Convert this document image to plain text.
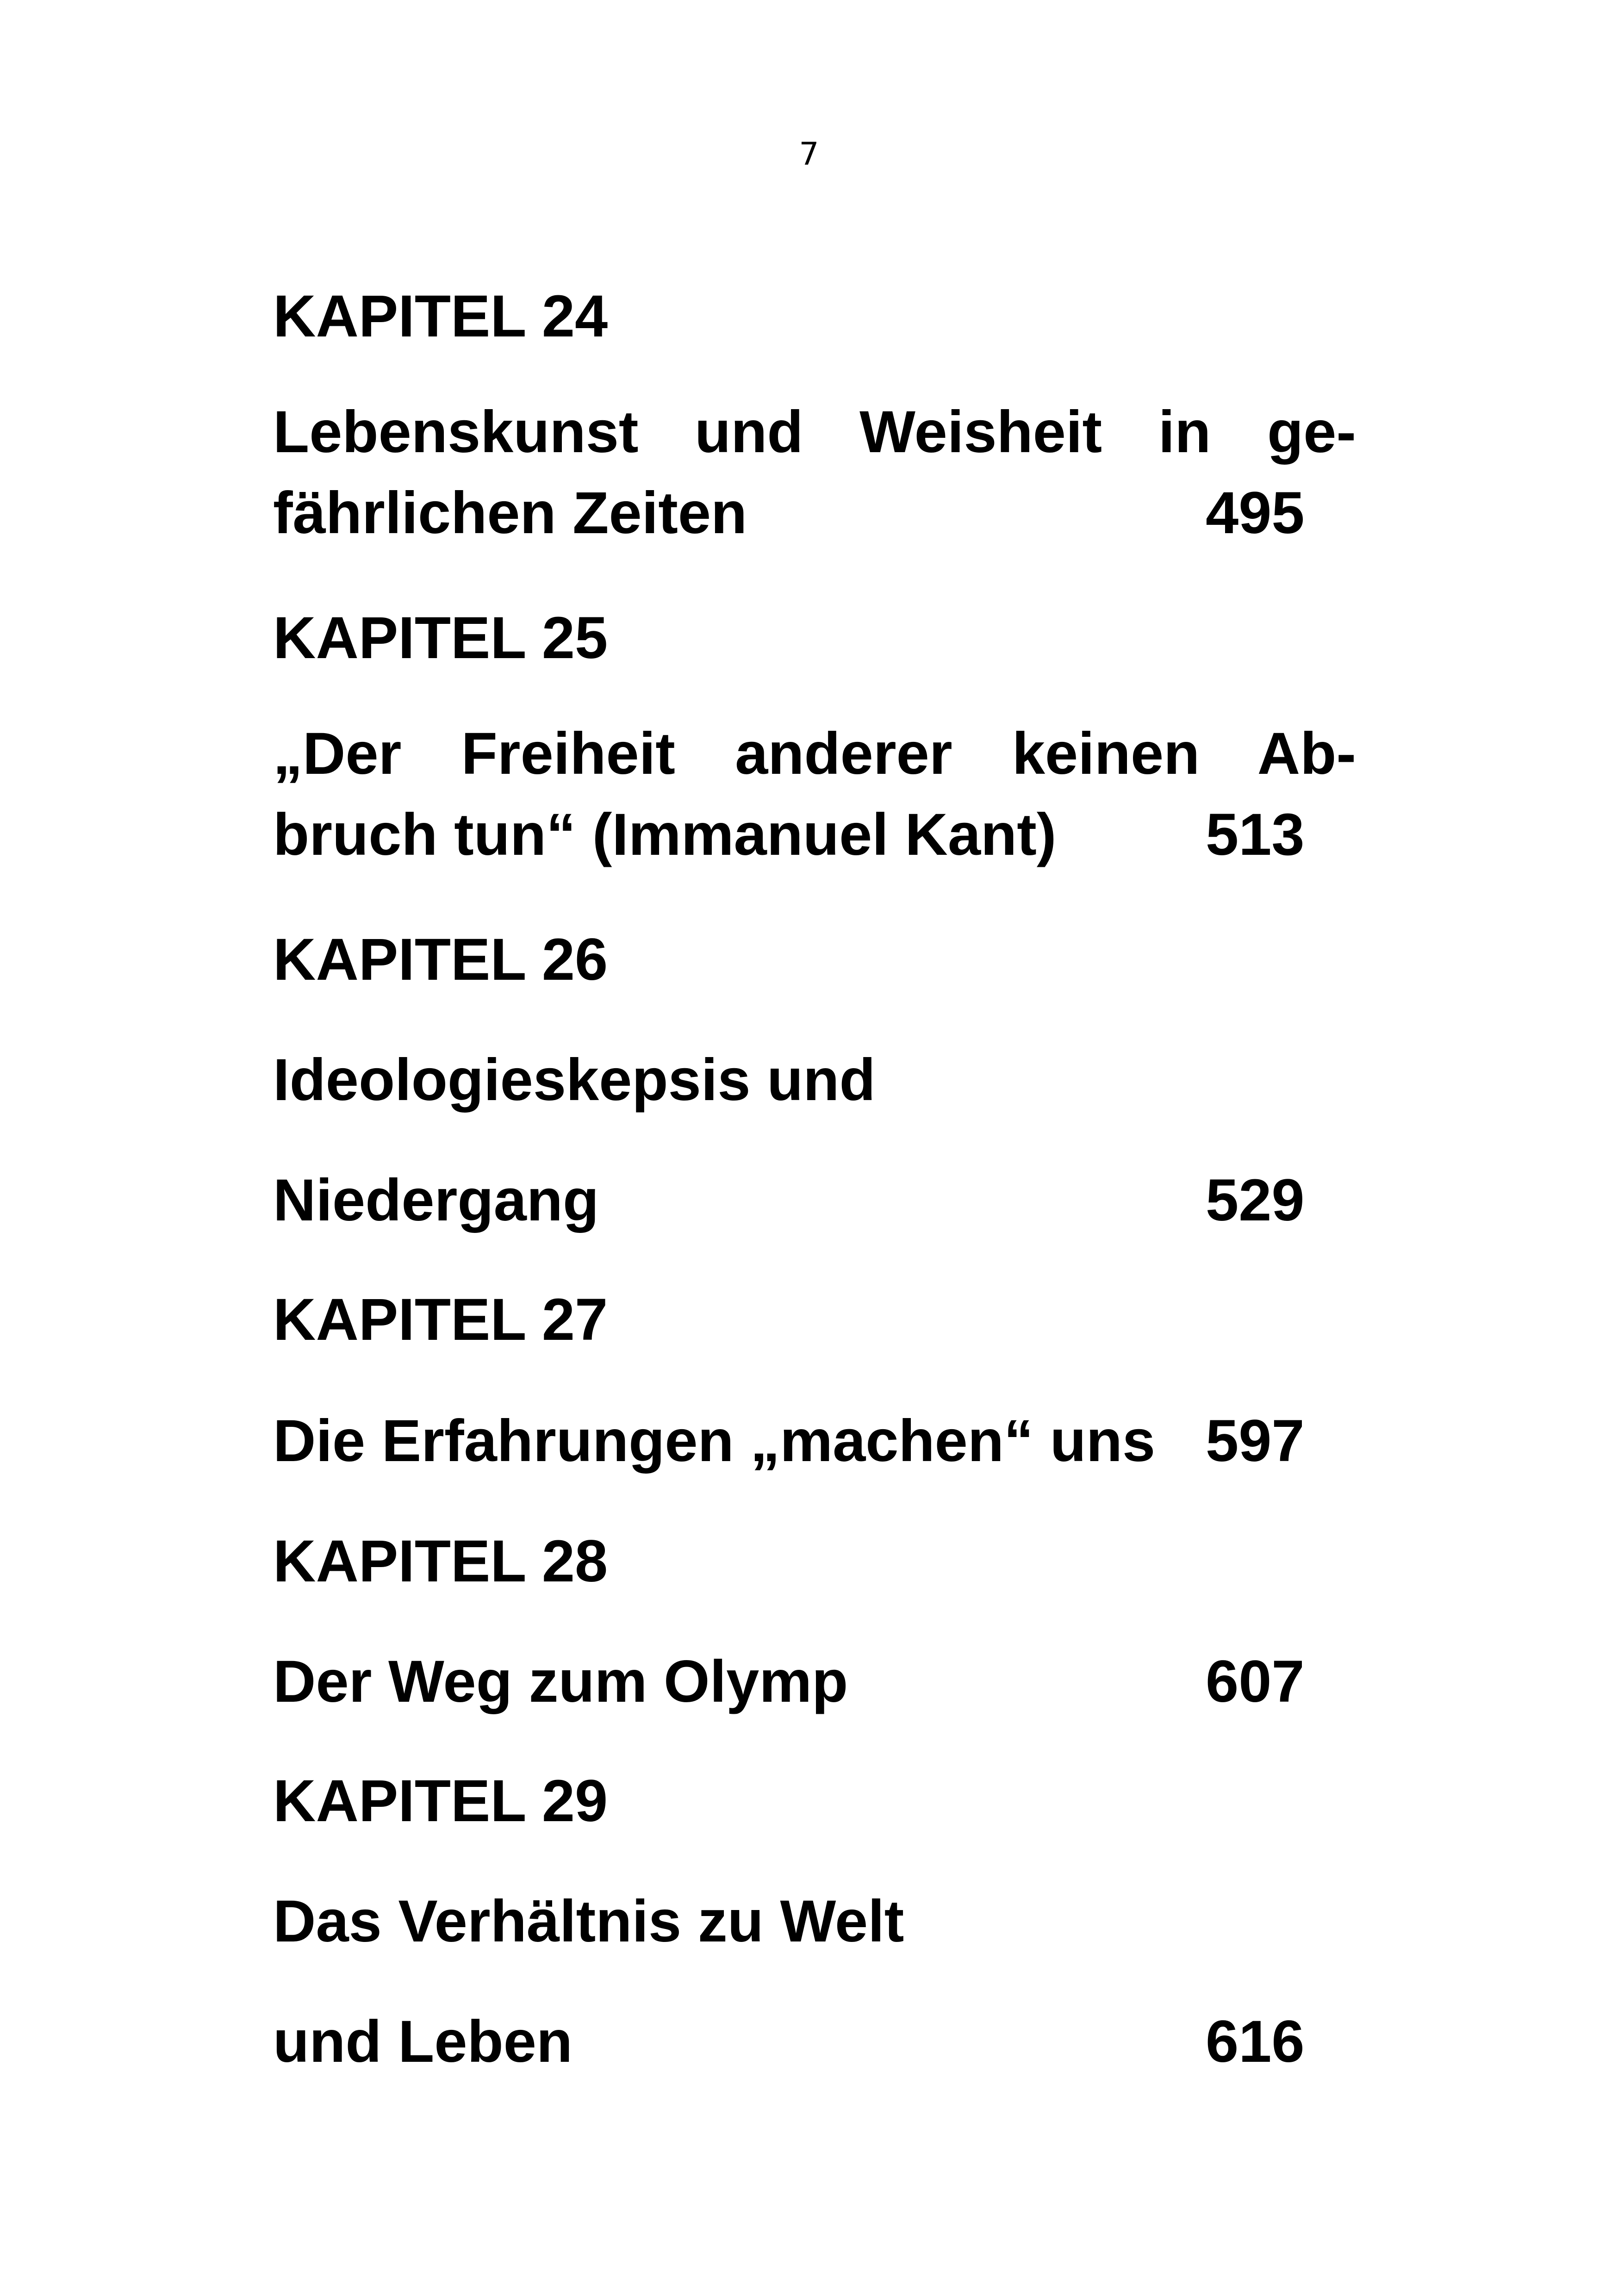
7
KAPITEL 24
Lebenskunst und Weisheit in ge-
fährlichen Zeiten	495
KAPITEL 25
„Der Freiheit anderer keinen Ab-
bruch tun“ (Immanuel Kant)	513
KAPITEL 26
Ideologieskepsis und
Niedergang	529
KAPITEL 27
Die Erfahrungen „machen“ uns 597
KAPITEL 28
Der Weg zum Olymp	607
KAPITEL 29
Das Verhältnis zu Welt
und Leben	616
